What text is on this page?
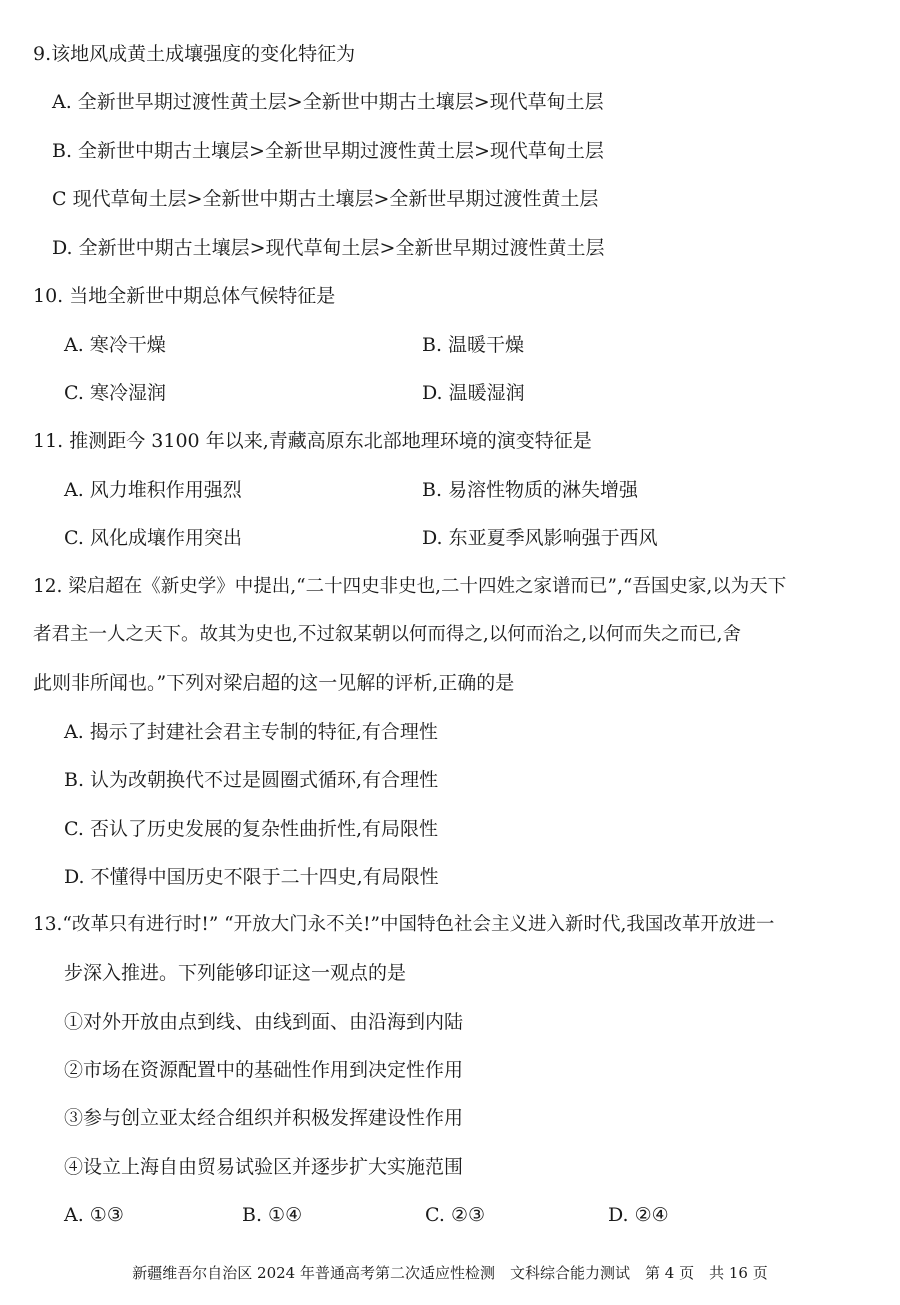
9.该地风成黄土成壤强度的变化特征为
A. 全新世早期过渡性黄土层>全新世中期古土壤层>现代草甸土层
B. 全新世中期古土壤层>全新世早期过渡性黄土层>现代草甸土层
C 现代草甸土层>全新世中期古土壤层>全新世早期过渡性黄土层
D. 全新世中期古土壤层>现代草甸土层>全新世早期过渡性黄土层
10. 当地全新世中期总体气候特征是
A. 寒冷干燥	B. 温暖干燥
C. 寒冷湿润	D. 温暖湿润
11. 推测距今 3100 年以来,青藏高原东北部地理环境的演变特征是
A. 风力堆积作用强烈	B. 易溶性物质的淋失增强
C. 风化成壤作用突出	D. 东亚夏季风影响强于西风
12. 梁启超在《新史学》中提出,“二十四史非史也,二十四姓之家谱而已”,“吾国史家,以为天下
者君主一人之天下。故其为史也,不过叙某朝以何而得之,以何而治之,以何而失之而已,舍
此则非所闻也。”下列对梁启超的这一见解的评析,正确的是
A. 揭示了封建社会君主专制的特征,有合理性
B. 认为改朝换代不过是圆圈式循环,有合理性
C. 否认了历史发展的复杂性曲折性,有局限性
D. 不懂得中国历史不限于二十四史,有局限性
13.“改革只有进行时!” “开放大门永不关!”中国特色社会主义进入新时代,我国改革开放进一
步深入推进。下列能够印证这一观点的是
①对外开放由点到线、由线到面、由沿海到内陆
②市场在资源配置中的基础性作用到决定性作用
③参与创立亚太经合组织并积极发挥建设性作用
④设立上海自由贸易试验区并逐步扩大实施范围
A. ①③	B. ①④	C. ②③	D. ②④
新疆维吾尔自治区 2024 年普通高考第二次适应性检测　文科综合能力测试　第 4 页　共 16 页
